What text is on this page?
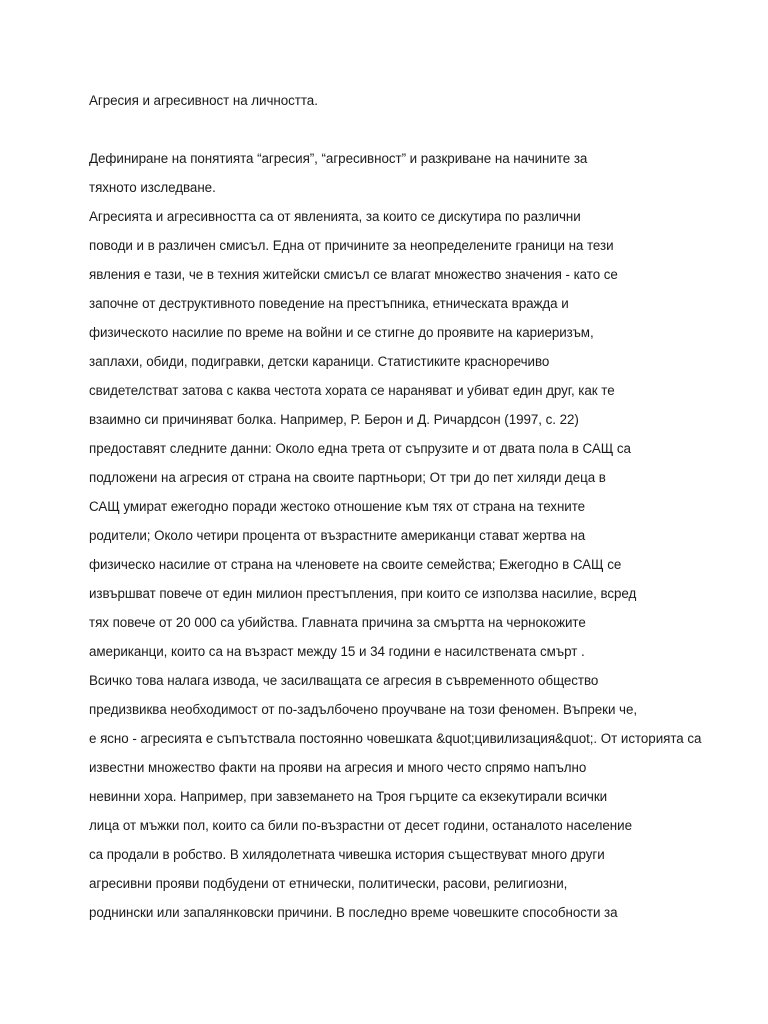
Агресия и агресивност на личността.
Дефиниране на понятията “агресия”, “агресивност” и разкриване на начините за
тяхното изследване.
Агресията и агресивността са от явленията, за които се дискутира по различни
поводи и в различен смисъл. Една от причините за неопределените граници на тези
явления е тази, че в техния житейски смисъл се влагат множество значения - като се
започне от деструктивното поведение на престъпника, етническата вражда и
физическото насилие по време на войни и се стигне до проявите на кариеризъм,
заплахи, обиди, подигравки, детски караници. Статистиките красноречиво
свидетелстват затова с каква честота хората се нараняват и убиват един друг, как те
взаимно си причиняват болка. Например, Р. Берон и Д. Ричардсон (1997, с. 22)
предоставят следните данни: Около една трета от съпрузите и от двата пола в САЩ са
подложени на агресия от страна на своите партньори; От три до пет хиляди деца в
САЩ умират ежегодно поради жестоко отношение към тях от страна на техните
родители; Около четири процента от възрастните американци стават жертва на
физическо насилие от страна на членовете на своите семейства; Ежегодно в САЩ се
извършват повече от един милион престъпления, при които се използва насилие, всред
тях повече от 20 000 са убийства. Главната причина за смъртта на чернокожите
американци, които са на възраст между 15 и 34 години е насилствената смърт .
Всичко това налага извода, че засилващата се агресия в съвременното общество
предизвиква необходимост от по-задълбочено проучване на този феномен. Въпреки че,
е ясно - агресията е съпътствала постоянно човешката &quot;цивилизация&quot;. От историята са
известни множество факти на прояви на агресия и много често спрямо напълно
невинни хора. Например, при завземането на Троя гърците са екзекутирали всички
лица от мъжки пол, които са били по-възрастни от десет години, останалото население
са продали в робство. В хилядолетната чивешка история съществуват много други
агресивни прояви подбудени от етнически, политически, расови, религиозни,
роднински или запалянковски причини. В последно време човешките способности за
